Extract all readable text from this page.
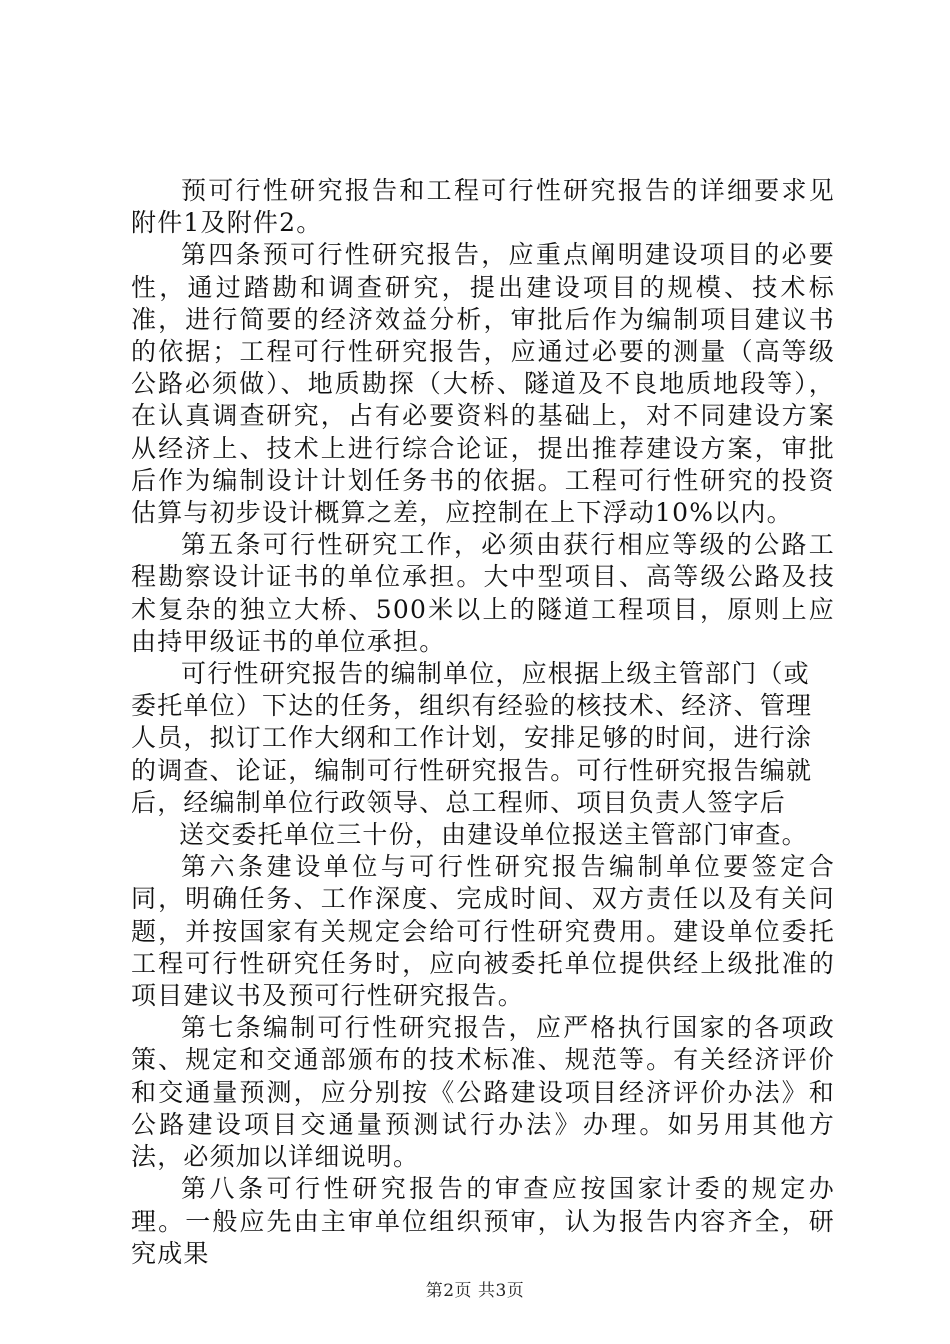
预可行性研究报告和工程可行性研究报告的详细要求见附件1及附件2。

第四条预可行性研究报告，应重点阐明建设项目的必要性，通过踏勘和调查研究，提出建设项目的规模、技术标准，进行简要的经济效益分析，审批后作为编制项目建议书的依据；工程可行性研究报告，应通过必要的测量（高等级公路必须做）、地质勘探（大桥、隧道及不良地质地段等），在认真调查研究，占有必要资料的基础上，对不同建设方案从经济上、技术上进行综合论证，提出推荐建设方案，审批后作为编制设计计划任务书的依据。工程可行性研究的投资估算与初步设计概算之差，应控制在上下浮动10%以内。

第五条可行性研究工作，必须由获行相应等级的公路工程勘察设计证书的单位承担。大中型项目、高等级公路及技术复杂的独立大桥、500米以上的隧道工程项目，原则上应由持甲级证书的单位承担。

可行性研究报告的编制单位，应根据上级主管部门（或委托单位）下达的任务，组织有经验的核技术、经济、管理人员，拟订工作大纲和工作计划，安排足够的时间，进行涂的调查、论证，编制可行性研究报告。可行性研究报告编就后，经编制单位行政领导、总工程师、项目负责人签字后

送交委托单位三十份，由建设单位报送主管部门审查。

第六条建设单位与可行性研究报告编制单位要签定合同，明确任务、工作深度、完成时间、双方责任以及有关问题，并按国家有关规定会给可行性研究费用。建设单位委托工程可行性研究任务时，应向被委托单位提供经上级批准的项目建议书及预可行性研究报告。

第七条编制可行性研究报告，应严格执行国家的各项政策、规定和交通部颁布的技术标准、规范等。有关经济评价和交通量预测，应分别按《公路建设项目经济评价办法》和公路建设项目交通量预测试行办法》办理。如另用其他方法，必须加以详细说明。

第八条可行性研究报告的审查应按国家计委的规定办理。一般应先由主审单位组织预审，认为报告内容齐全，研究成果

第2页 共3页
